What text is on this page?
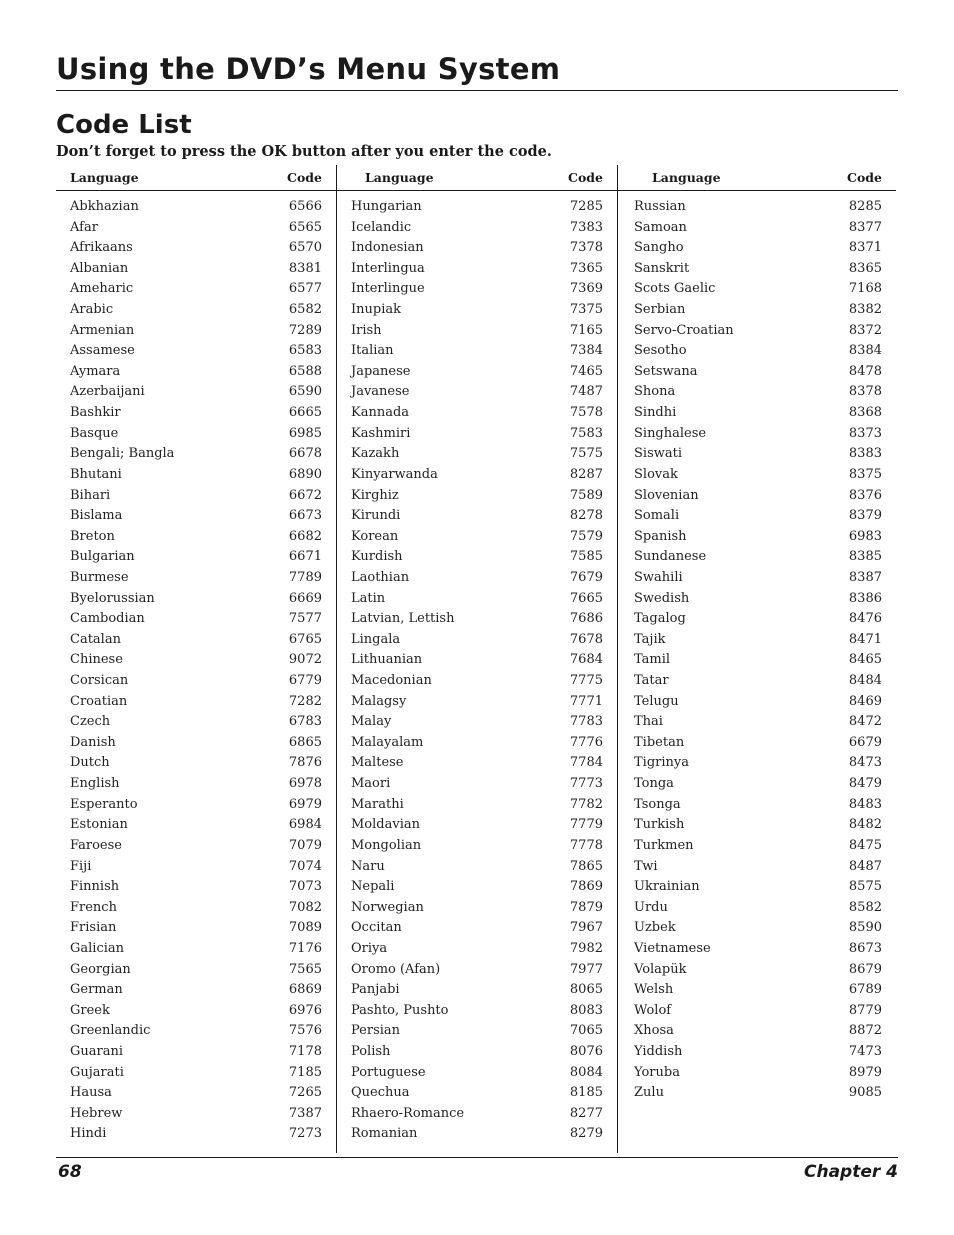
Using the DVD’s Menu System
Code List

Don’t forget to press the OK button after you enter the code.

Language	Code
Abkhazian	6566
Afar	6565
Afrikaans	6570
Albanian	8381
Ameharic	6577
Arabic	6582
Armenian	7289
Assamese	6583
Aymara	6588
Azerbaijani	6590
Bashkir	6665
Basque	6985
Bengali; Bangla	6678
Bhutani	6890
Bihari	6672
Bislama	6673
Breton	6682
Bulgarian	6671
Burmese	7789
Byelorussian	6669
Cambodian	7577
Catalan	6765
Chinese	9072
Corsican	6779
Croatian	7282
Czech	6783
Danish	6865
Dutch	7876
English	6978
Esperanto	6979
Estonian	6984
Faroese	7079
Fiji	7074
Finnish	7073
French	7082
Frisian	7089
Galician	7176
Georgian	7565
German	6869
Greek	6976
Greenlandic	7576
Guarani	7178
Gujarati	7185
Hausa	7265
Hebrew	7387
Hindi	7273
Language	Code
Hungarian	7285
Icelandic	7383
Indonesian	7378
Interlingua	7365
Interlingue	7369
Inupiak	7375
Irish	7165
Italian	7384
Japanese	7465
Javanese	7487
Kannada	7578
Kashmiri	7583
Kazakh	7575
Kinyarwanda	8287
Kirghiz	7589
Kirundi	8278
Korean	7579
Kurdish	7585
Laothian	7679
Latin	7665
Latvian, Lettish	7686
Lingala	7678
Lithuanian	7684
Macedonian	7775
Malagsy	7771
Malay	7783
Malayalam	7776
Maltese	7784
Maori	7773
Marathi	7782
Moldavian	7779
Mongolian	7778
Naru	7865
Nepali	7869
Norwegian	7879
Occitan	7967
Oriya	7982
Oromo (Afan)	7977
Panjabi	8065
Pashto, Pushto	8083
Persian	7065
Polish	8076
Portuguese	8084
Quechua	8185
Rhaero-Romance	8277
Romanian	8279
Language	Code
Russian	8285
Samoan	8377
Sangho	8371
Sanskrit	8365
Scots Gaelic	7168
Serbian	8382
Servo-Croatian	8372
Sesotho	8384
Setswana	8478
Shona	8378
Sindhi	8368
Singhalese	8373
Siswati	8383
Slovak	8375
Slovenian	8376
Somali	8379
Spanish	6983
Sundanese	8385
Swahili	8387
Swedish	8386
Tagalog	8476
Tajik	8471
Tamil	8465
Tatar	8484
Telugu	8469
Thai	8472
Tibetan	6679
Tigrinya	8473
Tonga	8479
Tsonga	8483
Turkish	8482
Turkmen	8475
Twi	8487
Ukrainian	8575
Urdu	8582
Uzbek	8590
Vietnamese	8673
Volapük	8679
Welsh	6789
Wolof	8779
Xhosa	8872
Yiddish	7473
Yoruba	8979
Zulu	9085
68	Chapter 4
